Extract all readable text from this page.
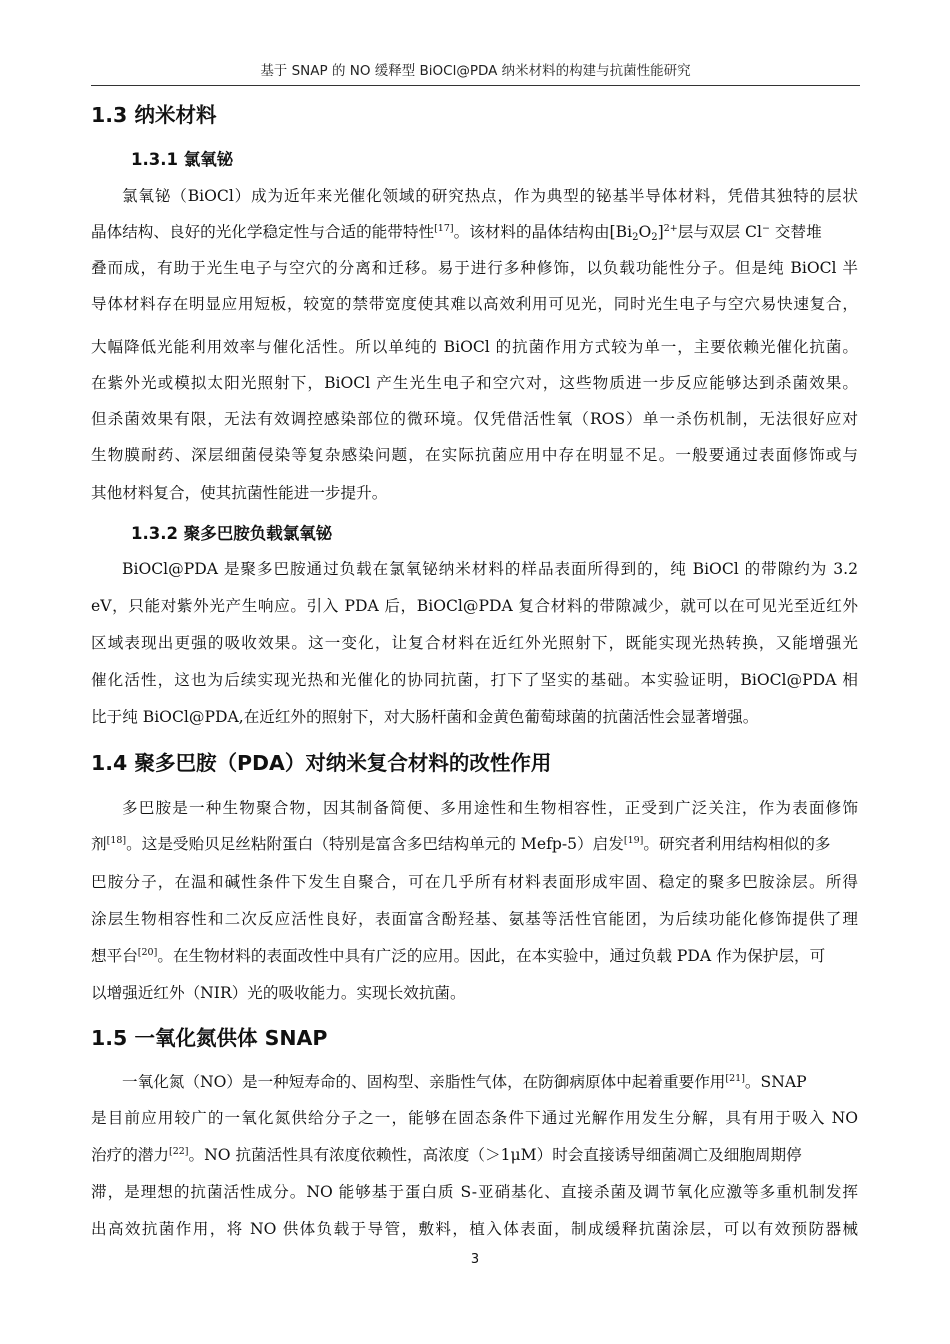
基于 SNAP 的 NO 缓释型 BiOCl@PDA 纳米材料的构建与抗菌性能研究
1.3 纳米材料
1.3.1 氯氧铋
氯氧铋（BiOCl）成为近年来光催化领域的研究热点，作为典型的铋基半导体材料，凭借其独特的层状
晶体结构、良好的光化学稳定性与合适的能带特性[17]。该材料的晶体结构由$[Bi_2O_2]^{2+}$层与双层 Cl− 交替堆
叠而成，有助于光生电子与空穴的分离和迁移。易于进行多种修饰，以负载功能性分子。但是纯 BiOCl 半
导体材料存在明显应用短板，较宽的禁带宽度使其难以高效利用可见光，同时光生电子与空穴易快速复合，
大幅降低光能利用效率与催化活性。所以单纯的 BiOCl 的抗菌作用方式较为单一，主要依赖光催化抗菌。
在紫外光或模拟太阳光照射下，BiOCl 产生光生电子和空穴对，这些物质进一步反应能够达到杀菌效果。
但杀菌效果有限，无法有效调控感染部位的微环境。仅凭借活性氧（ROS）单一杀伤机制，无法很好应对
生物膜耐药、深层细菌侵染等复杂感染问题，在实际抗菌应用中存在明显不足。一般要通过表面修饰或与
其他材料复合，使其抗菌性能进一步提升。
1.3.2 聚多巴胺负载氯氧铋
BiOCl@PDA 是聚多巴胺通过负载在氯氧铋纳米材料的样品表面所得到的，纯 BiOCl 的带隙约为 3.2
eV，只能对紫外光产生响应。引入 PDA 后，BiOCl@PDA 复合材料的带隙减少，就可以在可见光至近红外
区域表现出更强的吸收效果。这一变化，让复合材料在近红外光照射下，既能实现光热转换，又能增强光
催化活性，这也为后续实现光热和光催化的协同抗菌，打下了坚实的基础。本实验证明，BiOCl@PDA 相
比于纯 BiOCl@PDA,在近红外的照射下，对大肠杆菌和金黄色葡萄球菌的抗菌活性会显著增强。
1.4 聚多巴胺（PDA）对纳米复合材料的改性作用
多巴胺是一种生物聚合物，因其制备简便、多用途性和生物相容性，正受到广泛关注，作为表面修饰
剂[18]。这是受贻贝足丝粘附蛋白（特别是富含多巴结构单元的 Mefp-5）启发[19]。研究者利用结构相似的多
巴胺分子，在温和碱性条件下发生自聚合，可在几乎所有材料表面形成牢固、稳定的聚多巴胺涂层。所得
涂层生物相容性和二次反应活性良好，表面富含酚羟基、氨基等活性官能团，为后续功能化修饰提供了理
想平台[20]。在生物材料的表面改性中具有广泛的应用。因此，在本实验中，通过负载 PDA 作为保护层，可
以增强近红外（NIR）光的吸收能力。实现长效抗菌。
1.5 一氧化氮供体 SNAP
一氧化氮（NO）是一种短寿命的、固构型、亲脂性气体，在防御病原体中起着重要作用[21]。SNAP
是目前应用较广的一氧化氮供给分子之一，能够在固态条件下通过光解作用发生分解，具有用于吸入 NO
治疗的潜力[22]。NO 抗菌活性具有浓度依赖性，高浓度（＞1μM）时会直接诱导细菌凋亡及细胞周期停
滞，是理想的抗菌活性成分。NO 能够基于蛋白质 S-亚硝基化、直接杀菌及调节氧化应激等多重机制发挥
出高效抗菌作用，将 NO 供体负载于导管，敷料，植入体表面，制成缓释抗菌涂层，可以有效预防器械
3
